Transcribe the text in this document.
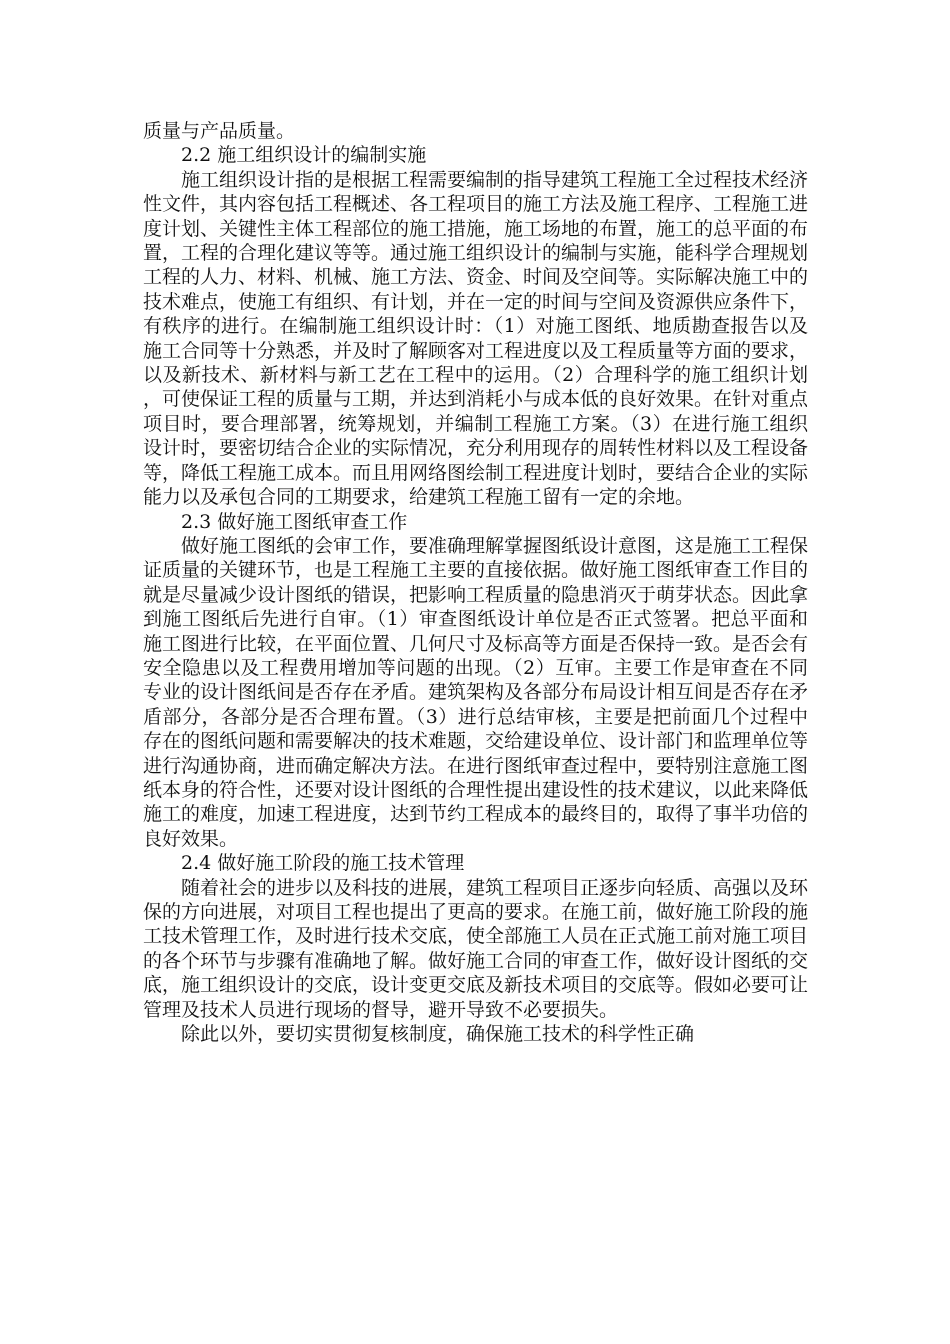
质量与产品质量。

2.2 施工组织设计的编制实施

施工组织设计指的是根据工程需要编制的指导建筑工程施工全过程技术经济性文件，其内容包括工程概述、各工程项目的施工方法及施工程序、工程施工进度计划、关键性主体工程部位的施工措施，施工场地的布置，施工的总平面的布置，工程的合理化建议等等。通过施工组织设计的编制与实施，能科学合理规划工程的人力、材料、机械、施工方法、资金、时间及空间等。实际解决施工中的技术难点，使施工有组织、有计划，并在一定的时间与空间及资源供应条件下，有秩序的进行。在编制施工组织设计时：（1）对施工图纸、地质勘查报告以及施工合同等十分熟悉，并及时了解顾客对工程进度以及工程质量等方面的要求，以及新技术、新材料与新工艺在工程中的运用。（2）合理科学的施工组织计划，可使保证工程的质量与工期，并达到消耗小与成本低的良好效果。在针对重点项目时，要合理部署，统筹规划，并编制工程施工方案。（3）在进行施工组织设计时，要密切结合企业的实际情况，充分利用现存的周转性材料以及工程设备等，降低工程施工成本。而且用网络图绘制工程进度计划时，要结合企业的实际能力以及承包合同的工期要求，给建筑工程施工留有一定的余地。

2.3 做好施工图纸审查工作

做好施工图纸的会审工作，要准确理解掌握图纸设计意图，这是施工工程保证质量的关键环节，也是工程施工主要的直接依据。做好施工图纸审查工作目的就是尽量减少设计图纸的错误，把影响工程质量的隐患消灭于萌芽状态。因此拿到施工图纸后先进行自审。（1）审查图纸设计单位是否正式签署。把总平面和施工图进行比较，在平面位置、几何尺寸及标高等方面是否保持一致。是否会有安全隐患以及工程费用增加等问题的出现。（2）互审。主要工作是审查在不同专业的设计图纸间是否存在矛盾。建筑架构及各部分布局设计相互间是否存在矛盾部分，各部分是否合理布置。（3）进行总结审核，主要是把前面几个过程中存在的图纸问题和需要解决的技术难题，交给建设单位、设计部门和监理单位等进行沟通协商，进而确定解决方法。在进行图纸审查过程中，要特别注意施工图纸本身的符合性，还要对设计图纸的合理性提出建设性的技术建议，以此来降低施工的难度，加速工程进度，达到节约工程成本的最终目的，取得了事半功倍的良好效果。

2.4 做好施工阶段的施工技术管理

随着社会的进步以及科技的进展，建筑工程项目正逐步向轻质、高强以及环保的方向进展，对项目工程也提出了更高的要求。在施工前，做好施工阶段的施工技术管理工作，及时进行技术交底，使全部施工人员在正式施工前对施工项目的各个环节与步骤有准确地了解。做好施工合同的审查工作，做好设计图纸的交底，施工组织设计的交底，设计变更交底及新技术项目的交底等。假如必要可让管理及技术人员进行现场的督导，避开导致不必要损失。

除此以外，要切实贯彻复核制度，确保施工技术的科学性正确
